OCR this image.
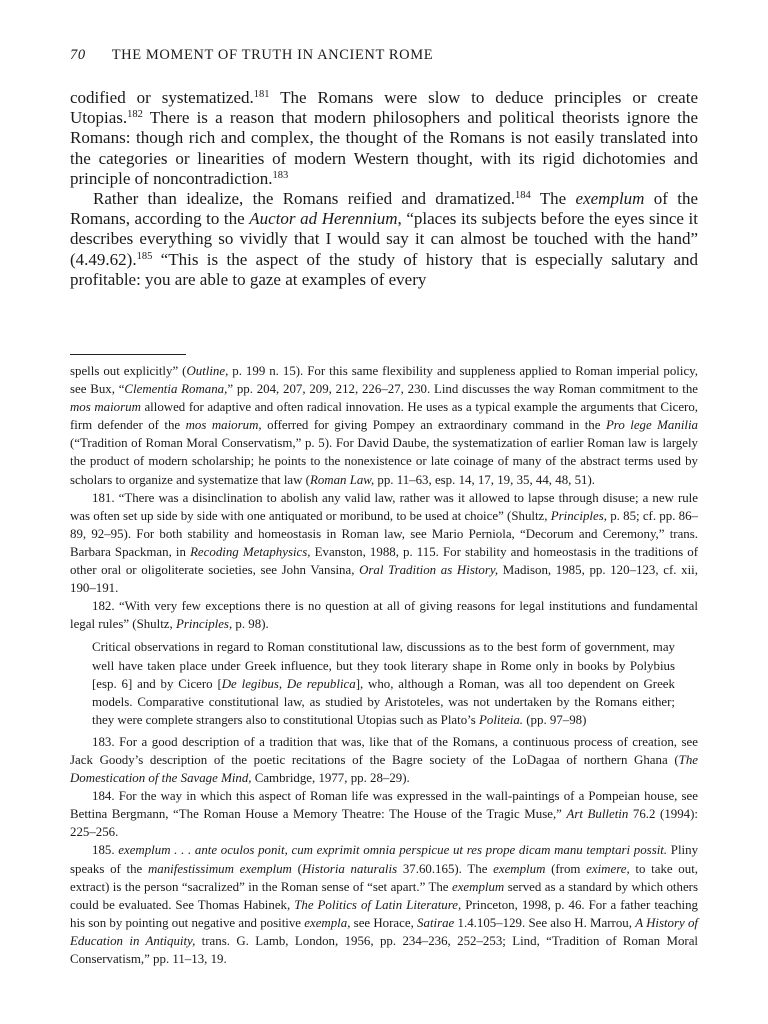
70 THE MOMENT OF TRUTH IN ANCIENT ROME

codified or systematized.$^{181}$ The Romans were slow to deduce principles or create Utopias.$^{182}$ There is a reason that modern philosophers and political theorists ignore the Romans: though rich and complex, the thought of the Romans is not easily translated into the categories or linearities of modern Western thought, with its rigid dichotomies and principle of noncontradiction.$^{183}$

Rather than idealize, the Romans reified and dramatized.$^{184}$ The exemplum of the Romans, according to the Auctor ad Herennium, “places its subjects before the eyes since it describes everything so vividly that I would say it can almost be touched with the hand” (4.49.62).$^{185}$ “This is the aspect of the study of history that is especially salutary and profitable: you are able to gaze at examples of every

spells out explicitly” (Outline, p. 199 n. 15). For this same flexibility and suppleness applied to Roman imperial policy, see Bux, “Clementia Romana,” pp. 204, 207, 209, 212, 226–27, 230. Lind discusses the way Roman commitment to the mos maiorum allowed for adaptive and often radical innovation. He uses as a typical example the arguments that Cicero, firm defender of the mos maiorum, offerred for giving Pompey an extraordinary command in the Pro lege Manilia (“Tradition of Roman Moral Conservatism,” p. 5). For David Daube, the systematization of earlier Roman law is largely the product of modern scholarship; he points to the nonexistence or late coinage of many of the abstract terms used by scholars to organize and systematize that law (Roman Law, pp. 11–63, esp. 14, 17, 19, 35, 44, 48, 51).

181. “There was a disinclination to abolish any valid law, rather was it allowed to lapse through disuse; a new rule was often set up side by side with one antiquated or moribund, to be used at choice” (Shultz, Principles, p. 85; cf. pp. 86–89, 92–95). For both stability and homeostasis in Roman law, see Mario Perniola, “Decorum and Ceremony,” trans. Barbara Spackman, in Recoding Metaphysics, Evanston, 1988, p. 115. For stability and homeostasis in the traditions of other oral or oligoliterate societies, see John Vansina, Oral Tradition as History, Madison, 1985, pp. 120–123, cf. xii, 190–191.

182. “With very few exceptions there is no question at all of giving reasons for legal institutions and fundamental legal rules” (Shultz, Principles, p. 98).

Critical observations in regard to Roman constitutional law, discussions as to the best form of government, may well have taken place under Greek influence, but they took literary shape in Rome only in books by Polybius [esp. 6] and by Cicero [De legibus, De republica], who, although a Roman, was all too dependent on Greek models. Comparative constitutional law, as studied by Aristoteles, was not undertaken by the Romans either; they were complete strangers also to constitutional Utopias such as Plato’s Politeia. (pp. 97–98)

183. For a good description of a tradition that was, like that of the Romans, a continuous process of creation, see Jack Goody’s description of the poetic recitations of the Bagre society of the LoDagaa of northern Ghana (The Domestication of the Savage Mind, Cambridge, 1977, pp. 28–29).

184. For the way in which this aspect of Roman life was expressed in the wall-paintings of a Pompeian house, see Bettina Bergmann, “The Roman House a Memory Theatre: The House of the Tragic Muse,” Art Bulletin 76.2 (1994): 225–256.

185. exemplum . . . ante oculos ponit, cum exprimit omnia perspicue ut res prope dicam manu temptari possit. Pliny speaks of the manifestissimum exemplum (Historia naturalis 37.60.165). The exemplum (from eximere, to take out, extract) is the person “sacralized” in the Roman sense of “set apart.” The exemplum served as a standard by which others could be evaluated. See Thomas Habinek, The Politics of Latin Literature, Princeton, 1998, p. 46. For a father teaching his son by pointing out negative and positive exempla, see Horace, Satirae 1.4.105–129. See also H. Marrou, A History of Education in Antiquity, trans. G. Lamb, London, 1956, pp. 234–236, 252–253; Lind, “Tradition of Roman Moral Conservatism,” pp. 11–13, 19.
